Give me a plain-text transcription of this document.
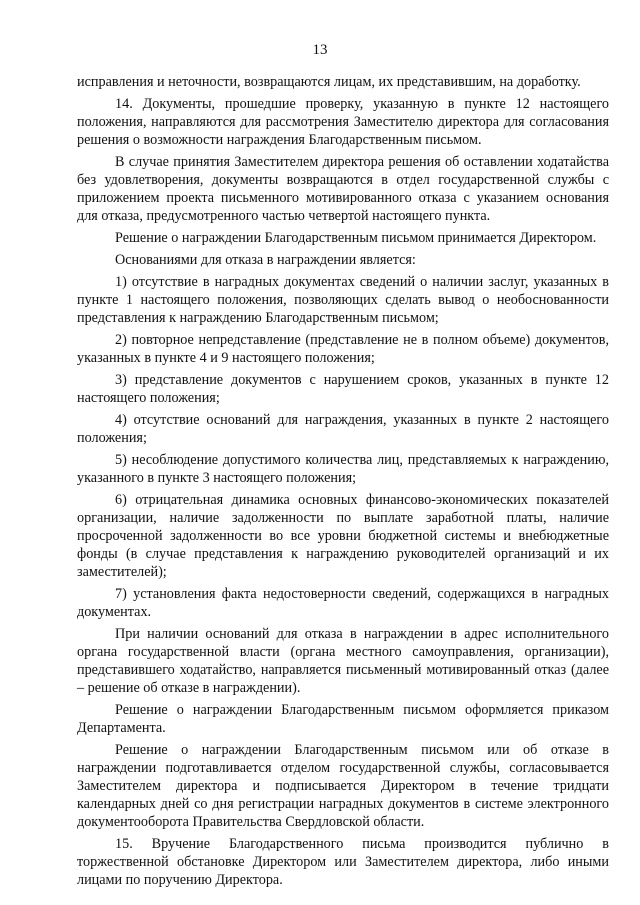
13

исправления и неточности, возвращаются лицам, их представившим, на доработку.

14. Документы, прошедшие проверку, указанную в пункте 12 настоящего положения, направляются для рассмотрения Заместителю директора для согласования решения о возможности награждения Благодарственным письмом.

В случае принятия Заместителем директора решения об оставлении ходатайства без удовлетворения, документы возвращаются в отдел государственной службы с приложением проекта письменного мотивированного отказа с указанием основания для отказа, предусмотренного частью четвертой настоящего пункта.

Решение о награждении Благодарственным письмом принимается Директором.

Основаниями для отказа в награждении является:

1) отсутствие в наградных документах сведений о наличии заслуг, указанных в пункте 1 настоящего положения, позволяющих сделать вывод о необоснованности представления к награждению Благодарственным письмом;

2) повторное непредставление (представление не в полном объеме) документов, указанных в пункте 4 и 9 настоящего положения;

3) представление документов с нарушением сроков, указанных в пункте 12 настоящего положения;

4) отсутствие оснований для награждения, указанных в пункте 2 настоящего положения;

5) несоблюдение допустимого количества лиц, представляемых к награждению, указанного в пункте 3 настоящего положения;

6) отрицательная динамика основных финансово-экономических показателей организации, наличие задолженности по выплате заработной платы, наличие просроченной задолженности во все уровни бюджетной системы и внебюджетные фонды (в случае представления к награждению руководителей организаций и их заместителей);

7) установления факта недостоверности сведений, содержащихся в наградных документах.

При наличии оснований для отказа в награждении в адрес исполнительного органа государственной власти (органа местного самоуправления, организации), представившего ходатайство, направляется письменный мотивированный отказ (далее – решение об отказе в награждении).

Решение о награждении Благодарственным письмом оформляется приказом Департамента.

Решение о награждении Благодарственным письмом или об отказе в награждении подготавливается отделом государственной службы, согласовывается Заместителем директора и подписывается Директором в течение тридцати календарных дней со дня регистрации наградных документов в системе электронного документооборота Правительства Свердловской области.

15. Вручение Благодарственного письма производится публично в торжественной обстановке Директором или Заместителем директора, либо иными лицами по поручению Директора.
